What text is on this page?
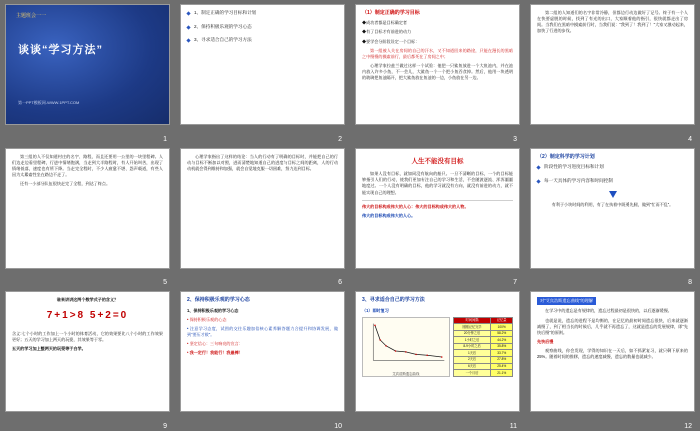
主题班会一一
谈谈“学习方法”
第一PPT模板网-WWW.1PPT.COM
1
1、制定正确的学习目标和计划
2、保持积极乐观的学习心态
3、寻求适合自己的学习方法
2
（1）制定正确的学习目标

◆成功者都是目标确定者

◆有了目标才有前进的动力

◆要学会分阶段设定一个目标：

第一组被人关在房间的自己的汗水，又不知道回来的路途，只能在漫长的黑暗之中慢慢的摸索前行，最后都死在了房间之中；

心理学家拉兹兰做过这样一个试验：他把一只鲨鱼放进一个大鱼池内，并在池内放入许多小鱼，不一会儿，大鲨鱼一个一个把小鱼吞食掉。然后，他用一块透明的玻璃把鱼池隔开，把大鲨鱼放在鱼池的一边，小鱼放在另一边。

3

第二组的人知道们的名字非常冷静，但都边行动边做好了记号。终于有一个人在快要虚脱的时候，找到了有光的出口，大家顺着他的指引，很快就都走出了房间。当我们在黑暗中摸索前行时，当我们说：“我到了！我到了！”大家又激动起来，加快了行进的步伐。

4

第三组的人不仅知道村庄的名字、路程，而且还要用一公里的一块里程碑。人们边走边看里程碑，行进中情绪饱满，当走到大半路程时，有人开始叫苦，出现了情绪低落，速度也有所下降。当走完全程时，不少人疲惫不堪、怨声载道，有些人因为太累索性坐在路边不走了。

还有一小部分队伍很快走完了全程，到达了终点。

5

心理学家指出了这样的结论：当人的行动有了明确的目标时，并能把自己的行动与目标不断加以对照，进而清楚地知道自己的进度与目标之间的距离，人的行动动机就会得到维持和加强，就会自觉地克服一切困难，努力达到目标。

6
人生不能没有目标

如果人没有目标，就如同没有航向的船只。一旦不清晰的目标，一个的目标能够指引人们的行动，使我们更加专注自己的学习和生活，不会随波逐流、浑浑噩噩地度过。一个人没有明确的目标，他的学习就没有方向，就没有前进的动力，就不能实现自己的理想。

伟大的目标构成伟大的人心：伟大的目标构成伟大的人物。

伟大的目标构成伟大的人心。

7
（2）制定科学的学习计划
阶段性的学习进度目标和计划
每一天具体的学习内容和时间控制

有利于小块时间的利用，有了在执着中既勇先腿，做到“忙而不乱”。

8

谁来讲讲这两个数学式子的含义？

7+1>8 5+2=0

含义:七个小时的工作加上一个小时的体育活动，它的效果要比八个小时的工作效果更好；五天的学习加上两天的玩耍，其效果等于零。

五天的学习加上整两天的玩耍等于白学。

9
2、保持积极乐观的学习心态

1、保持积极乐观的学习心态

• 保持积极乐观的心态

• 注意学习态度，试图的交往乐趣加倍核心素养解答题力合提升和协调发展，做到“要压才败”。

• 坚定信心：三句响亮的宣言：

• 我一定行！我能行！我最棒！

10
3、寻求适合自己的学习方法

（1）即时复习

艾宾浩斯遗忘曲线
时间间隔	记忆量
刚刚记忆完毕	100%
20分钟之后	58.2%
1小时之后	44.2%
8-9小时之后	35.8%
1天后	33.7%
2天后	27.8%
6天后	25.4%
一个月后	21.1%
11
对“艾宾浩斯遗忘曲线”的理解

在学习中的遗忘是有规律的，遗忘过程最初是很快的，以后逐渐缓慢。

也就是说，遗忘的进程不是均衡的，在记忆的最初时间遗忘很快，后来就逐渐减慢了，到了相当长的时候后，几乎就不再遗忘了，这就是遗忘的发展规律，即“先快后慢”的原则。

先快后慢

观察曲线，你会发现，学得的知识在一天后，如不抓紧复习，就只剩下原来的25%。随着时间的推移，遗忘的速度减慢，遗忘的数量也就减少。

12
